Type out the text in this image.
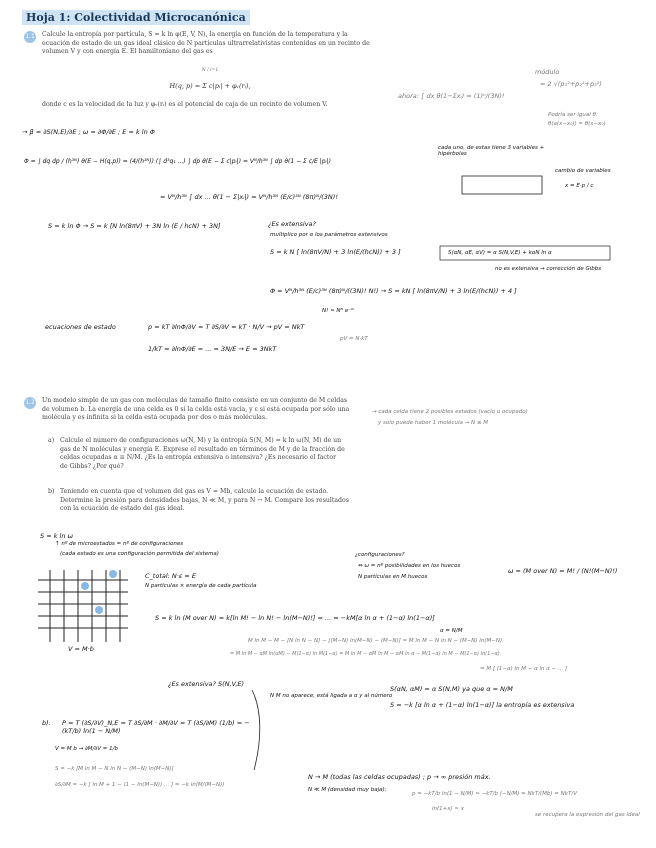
Hoja 1: Colectividad Microcanónica
1.1 Calcule la entropía por partícula, S = k ln φ(E, V, N), la energía en función de la temperatura y la ecuación de estado de un gas ideal clásico de N partículas ultrarrelativistas contenidas en un recinto de volumen V y con energía E. El hamiltoniano del gas es
N / i=1
H(q, p) = Σ c|pᵢ| + φᵥ(rᵢ),
donde c es la velocidad de la luz y φᵥ(rᵢ) es el potencial de caja de un recinto de volumen V.
módulo
= 2 √(p₁²+p₂²+p₃²)
ahora: ∫ dx θ(1−Σxᵢ) = (1)ⁿ/(3N)!
Podría ser igual θ:
θ(a(x−x₀)) = θ(x−x₀)
→ β = ∂S(N,E)/∂E ; ω = ∂Φ/∂E ; E = k ln Φ
Φ = ∫ dq dp / (h³ᴺ) θ(E − H(q,p)) = (4/(h³ᴺ)) (∫ d³q₁ ...) ∫ dp θ(E − Σ c|pᵢ|) = Vᴺ/h³ᴺ ∫ dp θ(1 − Σ c/E |pᵢ|)
= Vᴺ/h³ᴺ ∫ dx ... θ(1 − Σ|xᵢ|) = Vᴺ/h³ᴺ (E/c)³ᴺ (8π)ᴺ/(3N)!
cada uno, de estas tiene 3 variables + hipérbolas
cambio de variables
x = E·p / c
S = k ln Φ → S = k [N ln(8πV) + 3N ln (E / hcN) + 3N]	¿Es extensiva?
multiplico por α los parámetros extensivos
S = k N [ ln(8πV/N) + 3 ln(E/(hcN)) + 3 ]	S(αN, αE, αV) = α S(N,V,E) + kαN ln α
no es extensiva → corrección de Gibbs
Φ = Vᴺ/h³ᴺ (E/c)³ᴺ (8π)ᴺ/((3N)! N!) → S = kN [ ln(8πV/N) + 3 ln(E/(hcN)) + 4 ]
N! ≈ Nᴺ e⁻ᴺ
ecuaciones de estado	p = kT ∂lnΦ/∂V = T ∂S/∂V = kT · N/V → pV = NkT
1/kT = ∂lnΦ/∂E = ... = 3N/E → E = 3NkT
pV = N·kT
1.2 Un modelo simple de un gas con moléculas de tamaño finito consiste en un conjunto de M celdas de volumen b. La energía de una celda es 0 si la celda está vacía, y ε si está ocupada por sólo una molécula y es infinita si la celda está ocupada por dos o más moléculas.
→ cada celda tiene 2 posibles estados (vacío u ocupado)
y solo puede haber 1 molécula → N ≤ M
a) Calcule el número de configuraciones ω(N, M) y la entropía S(N, M) = k ln ω(N, M) de un gas de N moléculas y energía E. Exprese el resultado en términos de M y de la fracción de celdas ocupadas α ≡ N/M. ¿Es la entropía extensiva o intensiva? ¿Es necesario el factor de Gibbs? ¿Por qué?
b) Teniendo en cuenta que el volumen del gas es V = Mb, calcule la ecuación de estado. Determine la presión para densidades bajas, N ≪ M, y para N → M. Compare los resultados con la ecuación de estado del gas ideal.
S = k ln ω
↑ nº de microestados = nº de configuraciones
(cada estado es una configuración permitida del sistema)	¿configuraciones?
⇔ ω = nº posibilidades en los huecos
N partículas en M huecos
ω = (M over N) = M! / (N!(M−N)!)
V = M·b
C_total: N·ε = E
N partículas × energía de cada partícula
S = k ln (M over N) = k[ln M! − ln N! − ln(M−N)!] = ... = −kM[α ln α + (1−α) ln(1−α)]
α = N/M
M ln M − M − [N ln N − N] − [(M−N) ln(M−N) − (M−N)] = M ln M − N ln N − (M−N) ln(M−N)
= M ln M − αM ln(αM) − M(1−α) ln M(1−α) = M ln M − αM ln M − αM ln α − M(1−α) ln M − M(1−α) ln(1−α)
= M [ (1−α) ln M − α ln α − ... ]
¿Es extensiva? S(N,V,E)
N M no aparece, está ligada a α y al número
S(αN, αM) = α S(N,M) ya que α = N/M
S = −k [α ln α + (1−α) ln(1−α)] la entropía es extensiva
b). P = T (∂S/∂V)_N,E = T ∂S/∂M · ∂M/∂V = T (∂S/∂M) (1/b) = −(kT/b) ln(1 − N/M)
V = M b → ∂M/∂V = 1/b
S = −k [M ln M − N ln N − (M−N) ln(M−N)]
∂S/∂M = −k [ ln M + 1 − (1 − ln(M−N)) ... ] = −k ln(M/(M−N))
N → M (todas las celdas ocupadas) ; p → ∞ presión máx.
N ≪ M (densidad muy baja):
p = −kT/b ln(1 − N/M) ≈ −kT/b (−N/M) = NkT/(Mb) = NkT/V
se recupera la expresión del gas ideal
ln(1+x) ≈ x
